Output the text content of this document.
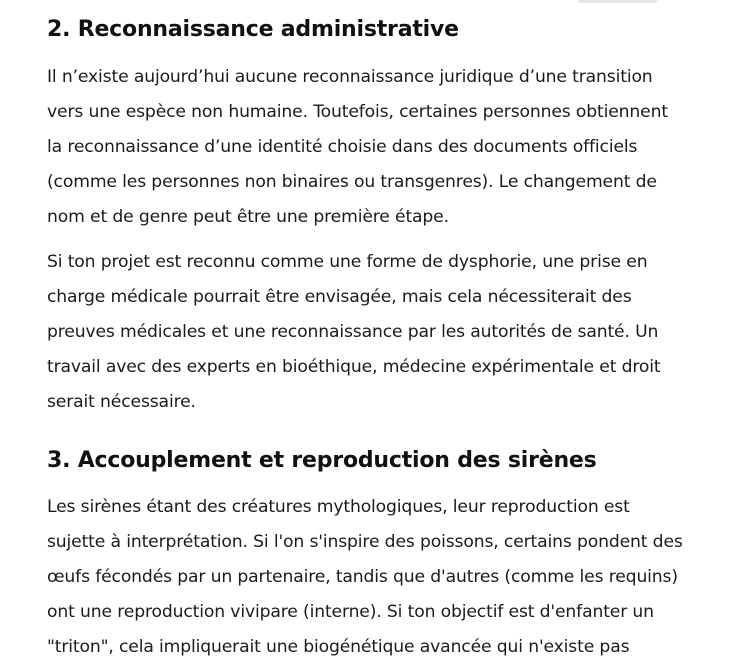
2. Reconnaissance administrative

Il n’existe aujourd’hui aucune reconnaissance juridique d’une transition
vers une espèce non humaine. Toutefois, certaines personnes obtiennent
la reconnaissance d’une identité choisie dans des documents officiels
(comme les personnes non binaires ou transgenres). Le changement de
nom et de genre peut être une première étape.

Si ton projet est reconnu comme une forme de dysphorie, une prise en
charge médicale pourrait être envisagée, mais cela nécessiterait des
preuves médicales et une reconnaissance par les autorités de santé. Un
travail avec des experts en bioéthique, médecine expérimentale et droit
serait nécessaire.

3. Accouplement et reproduction des sirènes

Les sirènes étant des créatures mythologiques, leur reproduction est
sujette à interprétation. Si l'on s'inspire des poissons, certains pondent des
œufs fécondés par un partenaire, tandis que d'autres (comme les requins)
ont une reproduction vivipare (interne). Si ton objectif est d'enfanter un
"triton", cela impliquerait une biogénétique avancée qui n'existe pas
